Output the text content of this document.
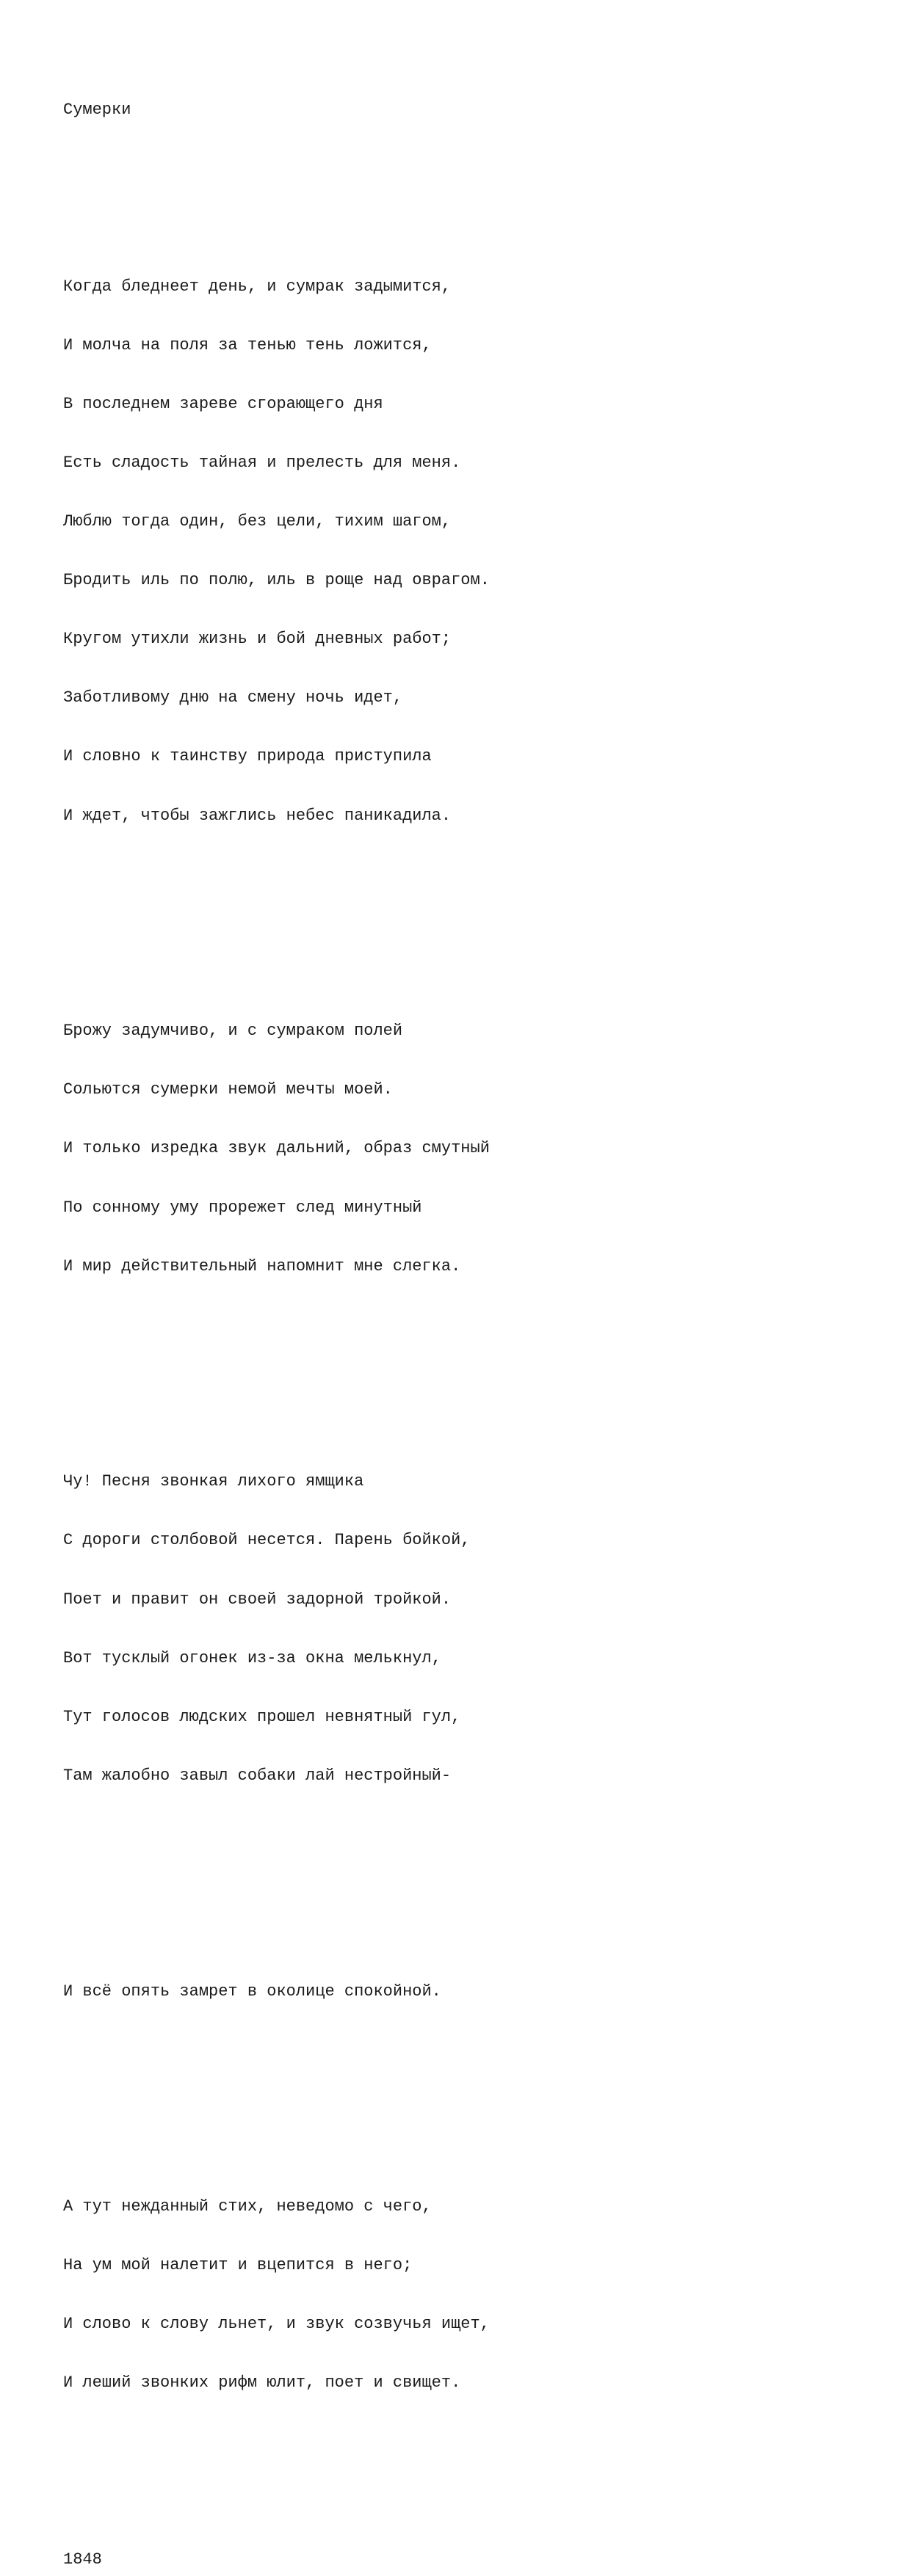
Сумерки

Когда бледнеет день, и сумрак задымится,

И молча на поля за тенью тень ложится,

В последнем зареве сгорающего дня

Есть сладость тайная и прелесть для меня.

Люблю тогда один, без цели, тихим шагом,

Бродить иль по полю, иль в роще над оврагом.

Кругом утихли жизнь и бой дневных работ;

Заботливому дню на смену ночь идет,

И словно к таинству природа приступила

И ждет, чтобы зажглись небес паникадила.

Брожу задумчиво, и с сумраком полей

Сольются сумерки немой мечты моей.

И только изредка звук дальний, образ смутный

По сонному уму прорежет след минутный

И мир действительный напомнит мне слегка.

Чу! Песня звонкая лихого ямщика

С дороги столбовой несется. Парень бойкой,

Поет и правит он своей задорной тройкой.

Вот тусклый огонек из-за окна мелькнул,

Тут голосов людских прошел невнятный гул,

Там жалобно завыл собаки лай нестройный-

И всё опять замрет в околице спокойной.

А тут нежданный стих, неведомо с чего,

На ум мой налетит и вцепится в него;

И слово к слову льнет, и звук созвучья ищет,

И леший звонких рифм юлит, поет и свищет.

1848
